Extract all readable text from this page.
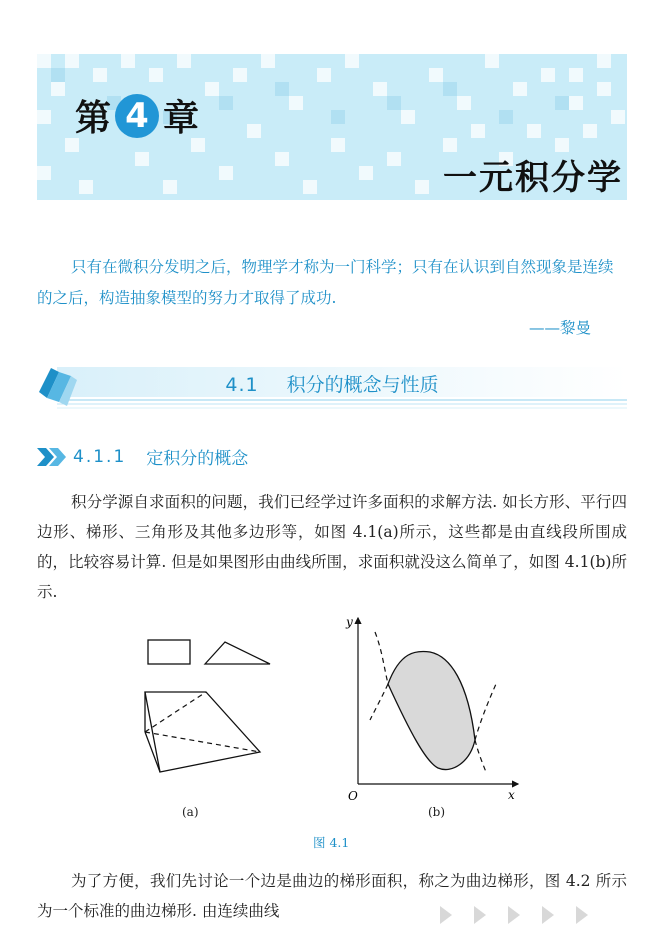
第 4 章
一元积分学
只有在微积分发明之后，物理学才称为一门科学；只有在认识到自然现象是连续的之后，构造抽象模型的努力才取得了成功.
——黎曼
4.1 积分的概念与性质
4.1.1 定积分的概念
积分学源自求面积的问题，我们已经学过许多面积的求解方法. 如长方形、平行四边形、梯形、三角形及其他多边形等，如图 4.1(a)所示，这些都是由直线段所围成的，比较容易计算. 但是如果图形由曲线所围，求面积就没这么简单了，如图 4.1(b)所示.
y
x
O
(a)	(b)
图 4.1
为了方便，我们先讨论一个边是曲边的梯形面积，称之为曲边梯形，图 4.2 所示为一个标准的曲边梯形. 由连续曲线
